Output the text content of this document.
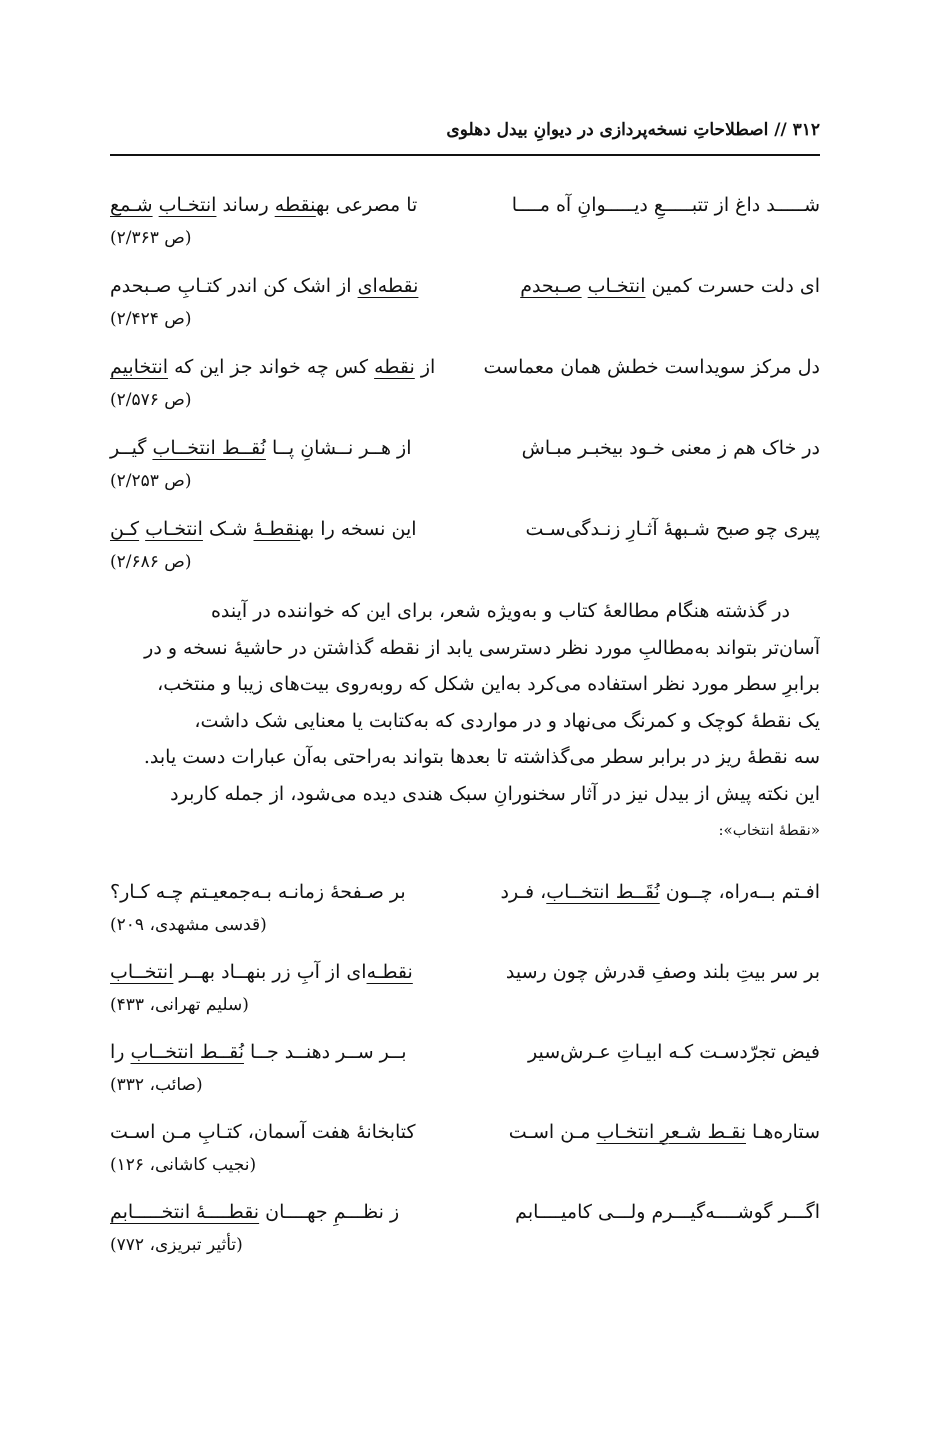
۳۱۲ // اصطلاحاتِ نسخه‌پردازی در دیوانِ بیدل دهلوی
شـــــد داغ از تتبـــــعِ دیـــــوانِ آه مــــا
تا مصرعی بهنقطه رساند انتخـاب شـمع
(ص ۲/۳۶۳)
ای دلت حسرت کمین انتخـاب صـبحدم
نقطه‌ای از اشک کن اندر کتـابِ صـبحدم
(ص ۲/۴۲۴)
دل مرکز سویداست خطش همان معماست
از نقطه کس چه خواند جز این که انتخابیم
(ص ۲/۵۷۶)
در خاک هم ز معنی خـود بیخبـر مبـاش
از هــر نــشانِ پــا نُقــط انتخــاب گیــر
(ص ۲/۲۵۳)
پیری چو صبح شـبهۀ آثـارِ زنـدگی‌سـت
این نسخه را بهنقطـۀ شـک انتخـاب کـن
(ص ۲/۶۸۶)
در گذشته هنگام مطالعۀ کتاب و به‌ویژه شعر، برای این که خواننده در آینده
آسان‌تر بتواند به‌مطالبِ مورد نظر دسترسی یابد از نقطه گذاشتن در حاشیۀ نسخه و در
برابرِ سطر مورد نظر استفاده می‌کرد به‌این شکل که روبه‌روی بیت‌های زیبا و منتخب،
یک نقطۀ کوچک و کمرنگ می‌نهاد و در مواردی که به‌کتابت یا معنایی شک داشت،
سه نقطۀ ریز در برابر سطر می‌گذاشته تا بعدها بتواند به‌راحتی به‌آن عبارات دست یابد.
این نکته پیش از بیدل نیز در آثار سخنورانِ سبک هندی دیده می‌شود، از جمله کاربرد
«نقطۀ انتخاب»:
افـتم بــه‌راه، چــون نُقَــط انتخــاب، فـرد
بر صـفحۀ زمانـه بـه‌جمعیـتم چـه کـار؟
(قدسی مشهدی، ۲۰۹)
بر سر بیتِ بلند وصفِ قدرش چون رسید
نقطـه‌ای از آبِ زر بنهــاد بهــر انتخــاب
(سلیم تهرانی، ۴۳۳)
فیض تجرّدسـت کـه ابیـاتِ عـرش‌سیر
بــر ســر دهنــد جــا نُقــط انتخــاب را
(صائب، ۳۳۲)
ستاره‌هـا نقـط شـعرِ انتخـاب مـن اسـت
کتابخانۀ هفت آسمان، کتـابِ مـن اسـت
(نجیب کاشانی، ۱۲۶)
اگـــر گوشــــه‌گیـــرم ولـــی کامیــــابم
ز نظـــمِ جهــــان نقطــــۀ انتخـــــابم
(تأثیر تبریزی، ۷۷۲)
